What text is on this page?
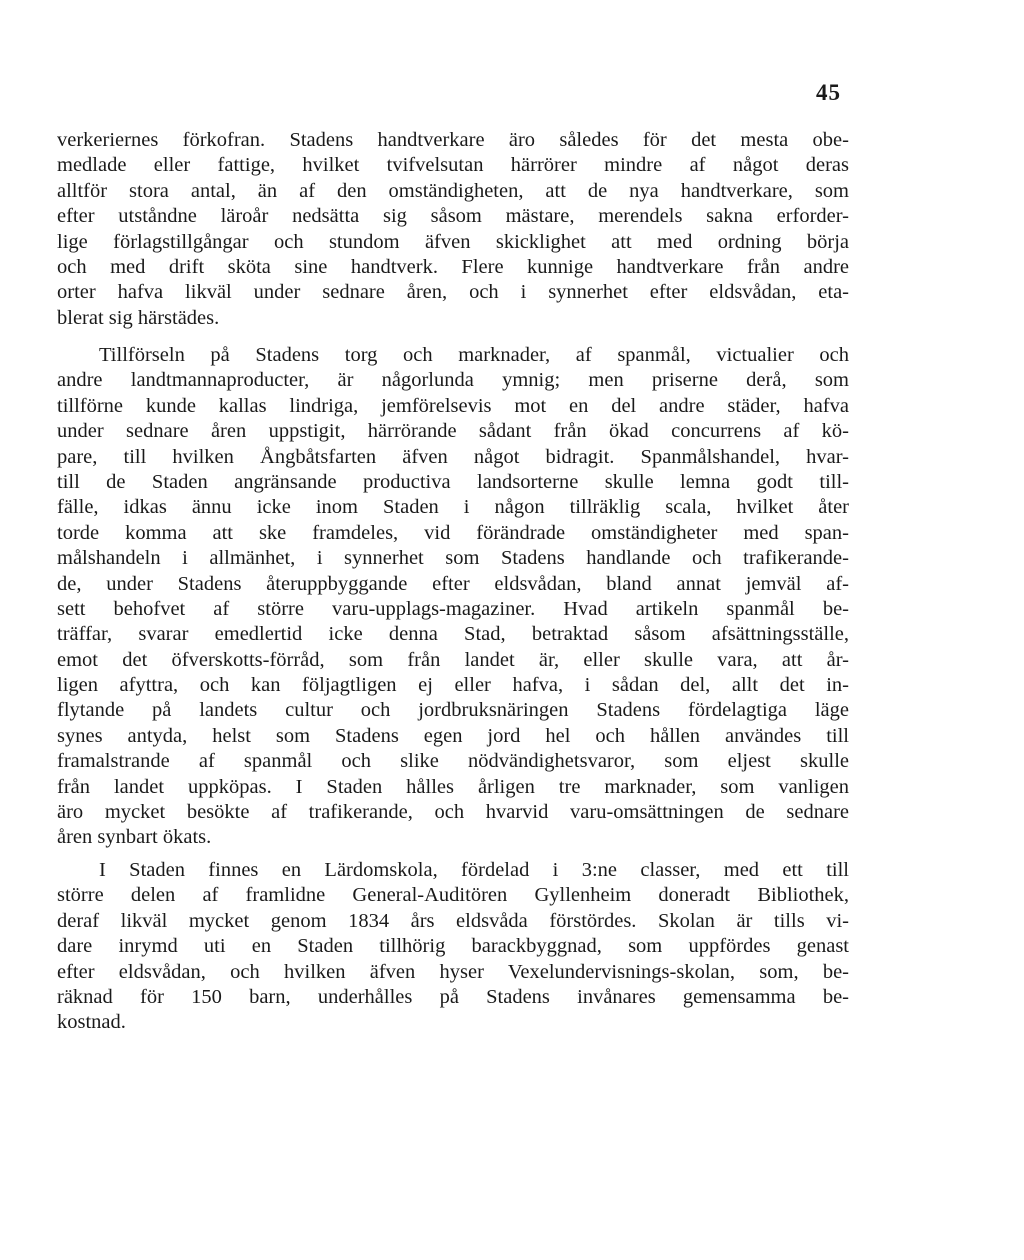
45
verkeriernes förkofran. Stadens handtverkare äro således för det mesta obe-
medlade eller fattige, hvilket tvifvelsutan härrörer mindre af något deras
alltför stora antal, än af den omständigheten, att de nya handtverkare, som
efter utståndne läroår nedsätta sig såsom mästare, merendels sakna erforder-
lige förlagstillgångar och stundom äfven skicklighet att med ordning börja
och med drift sköta sine handtverk. Flere kunnige handtverkare från andre
orter hafva likväl under sednare åren, och i synnerhet efter eldsvådan, eta-
blerat sig härstädes.
Tillförseln på Stadens torg och marknader, af spanmål, victualier och
andre landtmannaproducter, är någorlunda ymnig; men priserne derå, som
tillförne kunde kallas lindriga, jemförelsevis mot en del andre städer, hafva
under sednare åren uppstigit, härrörande sådant från ökad concurrens af kö-
pare, till hvilken Ångbåtsfarten äfven något bidragit. Spanmålshandel, hvar-
till de Staden angränsande productiva landsorterne skulle lemna godt till-
fälle, idkas ännu icke inom Staden i någon tillräklig scala, hvilket åter
torde komma att ske framdeles, vid förändrade omständigheter med span-
målshandeln i allmänhet, i synnerhet som Stadens handlande och trafikerande-
de, under Stadens återuppbyggande efter eldsvådan, bland annat jemväl af-
sett behofvet af större varu-upplags-magaziner. Hvad artikeln spanmål be-
träffar, svarar emedlertid icke denna Stad, betraktad såsom afsättningsställe,
emot det öfverskotts-förråd, som från landet är, eller skulle vara, att år-
ligen afyttra, och kan följagtligen ej eller hafva, i sådan del, allt det in-
flytande på landets cultur och jordbruksnäringen Stadens fördelagtiga läge
synes antyda, helst som Stadens egen jord hel och hållen användes till
framalstrande af spanmål och slike nödvändighetsvaror, som eljest skulle
från landet uppköpas. I Staden hålles årligen tre marknader, som vanligen
äro mycket besökte af trafikerande, och hvarvid varu-omsättningen de sednare
åren synbart ökats.
I Staden finnes en Lärdomskola, fördelad i 3:ne classer, med ett till
större delen af framlidne General-Auditören Gyllenheim doneradt Bibliothek,
deraf likväl mycket genom 1834 års eldsvåda förstördes. Skolan är tills vi-
dare inrymd uti en Staden tillhörig barackbyggnad, som uppfördes genast
efter eldsvådan, och hvilken äfven hyser Vexelundervisnings-skolan, som, be-
räknad för 150 barn, underhålles på Stadens invånares gemensamma be-
kostnad.
